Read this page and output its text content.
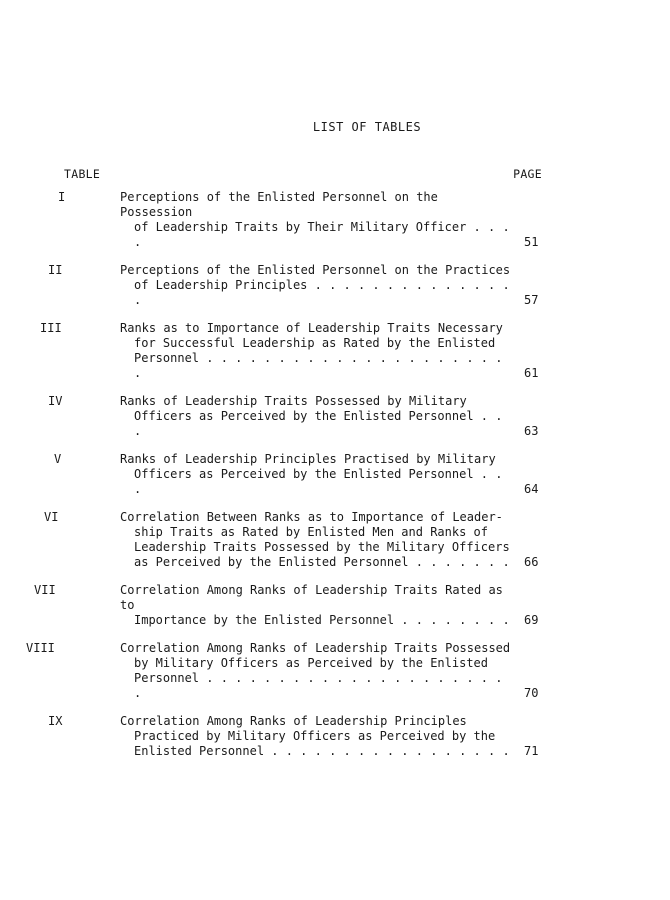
LIST OF TABLES
TABLE	PAGE
I	Perceptions of the Enlisted Personnel on the Possession
of Leadership Traits by Their Military Officer . . . .	51
II	Perceptions of the Enlisted Personnel on the Practices
of Leadership Principles . . . . . . . . . . . . . . .	57
III	Ranks as to Importance of Leadership Traits Necessary
for Successful Leadership as Rated by the Enlisted
Personnel . . . . . . . . . . . . . . . . . . . . . .	61
IV	Ranks of Leadership Traits Possessed by Military
Officers as Perceived by the Enlisted Personnel . . .	63
V	Ranks of Leadership Principles Practised by Military
Officers as Perceived by the Enlisted Personnel . . .	64
VI	Correlation Between Ranks as to Importance of Leader-
ship Traits as Rated by Enlisted Men and Ranks of
Leadership Traits Possessed by the Military Officers
as Perceived by the Enlisted Personnel . . . . . . .	66
VII	Correlation Among Ranks of Leadership Traits Rated as to
Importance by the Enlisted Personnel . . . . . . . .	69
VIII	Correlation Among Ranks of Leadership Traits Possessed
by Military Officers as Perceived by the Enlisted
Personnel . . . . . . . . . . . . . . . . . . . . . .	70
IX	Correlation Among Ranks of Leadership Principles
Practiced by Military Officers as Perceived by the
Enlisted Personnel . . . . . . . . . . . . . . . . .	71
